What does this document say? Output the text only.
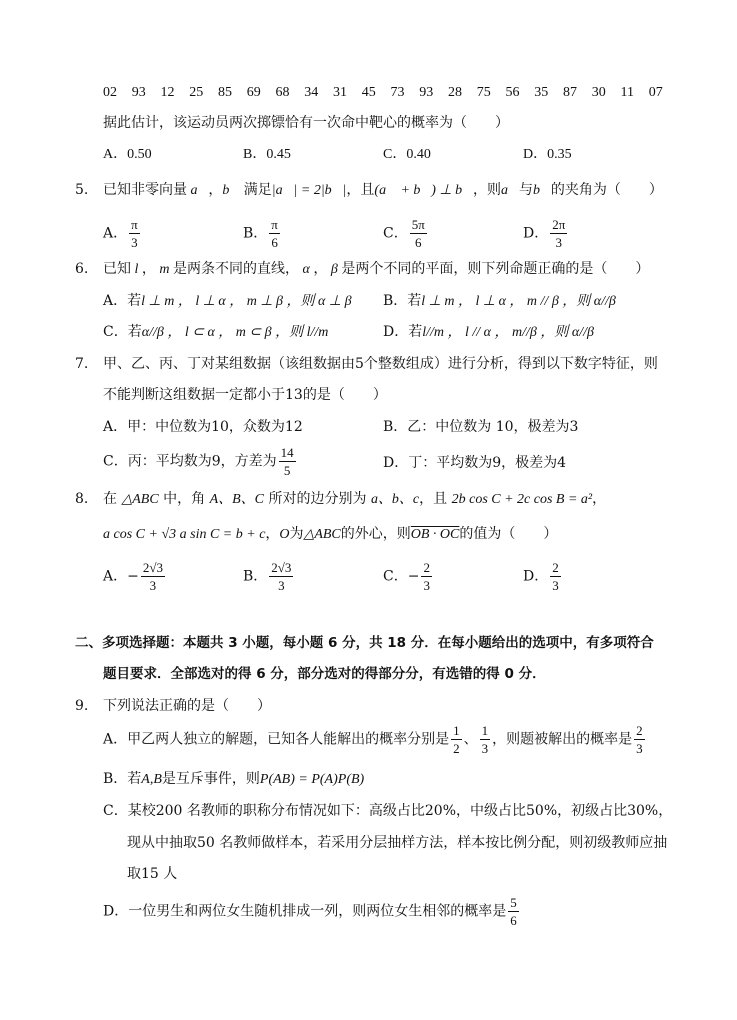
02 93 12 25 85 69 68 34 31 45 73 93 28 75 56 35 87 30 11 07
据此估计，该运动员两次掷镖恰有一次命中靶心的概率为（　　）
A．0.50	B．0.45	C．0.40	D．0.35
5. 已知非零向量 a⃗，b⃗ 满足|a⃗| = 2|b⃗|，且(a⃗ + b⃗) ⊥ b⃗，则a⃗与b⃗的夹角为（　　）
A． $\frac{\pi}{3}$	B． $\frac{\pi}{6}$	C． $\frac{5\pi}{6}$	D． $\frac{2\pi}{3}$
6. 已知 l ， m 是两条不同的直线， α ， β 是两个不同的平面，则下列命题正确的是（　　）
A．若l ⊥ m ， l ⊥ α ， m ⊥ β ，则 α ⊥ β B．若l ⊥ m ， l ⊥ α ， m // β ，则 α//β
C．若α//β ， l ⊂ α ， m ⊂ β ，则 l//m	D．若l//m ， l // α ， m//β ，则 α//β
7. 甲、乙、丙、丁对某组数据（该组数据由5个整数组成）进行分析，得到以下数字特征，则
不能判断这组数据一定都小于13的是（　　）
A．甲：中位数为10，众数为12	B．乙：中位数为 10，极差为3
C．丙：平均数为9，方差为 $\frac{14}{5}$	D．丁：平均数为9，极差为4
8. 在 △ABC 中，角 A、B、C 所对的边分别为 a、b、c，且 2b cos C + 2c cos B = a²，
a cos C + √3 a sin C = b + c，O为△ABC的外心，则OB · OC的值为（　　）
A．− $\frac{2√3}{3}$	B． $\frac{2√3}{3}$	C．− $\frac{2}{3}$	D． $\frac{2}{3}$
二、多项选择题：本题共 3 小题，每小题 6 分，共 18 分．在每小题给出的选项中，有多项符合
题目要求．全部选对的得 6 分，部分选对的得部分分，有选错的得 0 分．
9. 下列说法正确的是（　　）
A．甲乙两人独立的解题，已知各人能解出的概率分别是 $\frac{1}{2}$ 、 $\frac{1}{3}$ ，则题被解出的概率是 $\frac{2}{3}$
B．若A,B是互斥事件，则P(AB) = P(A)P(B)
C．某校200 名教师的职称分布情况如下：高级占比20%，中级占比50%，初级占比30%，
现从中抽取50 名教师做样本，若采用分层抽样方法，样本按比例分配，则初级教师应抽
取15 人
D．一位男生和两位女生随机排成一列，则两位女生相邻的概率是 $\frac{5}{6}$
